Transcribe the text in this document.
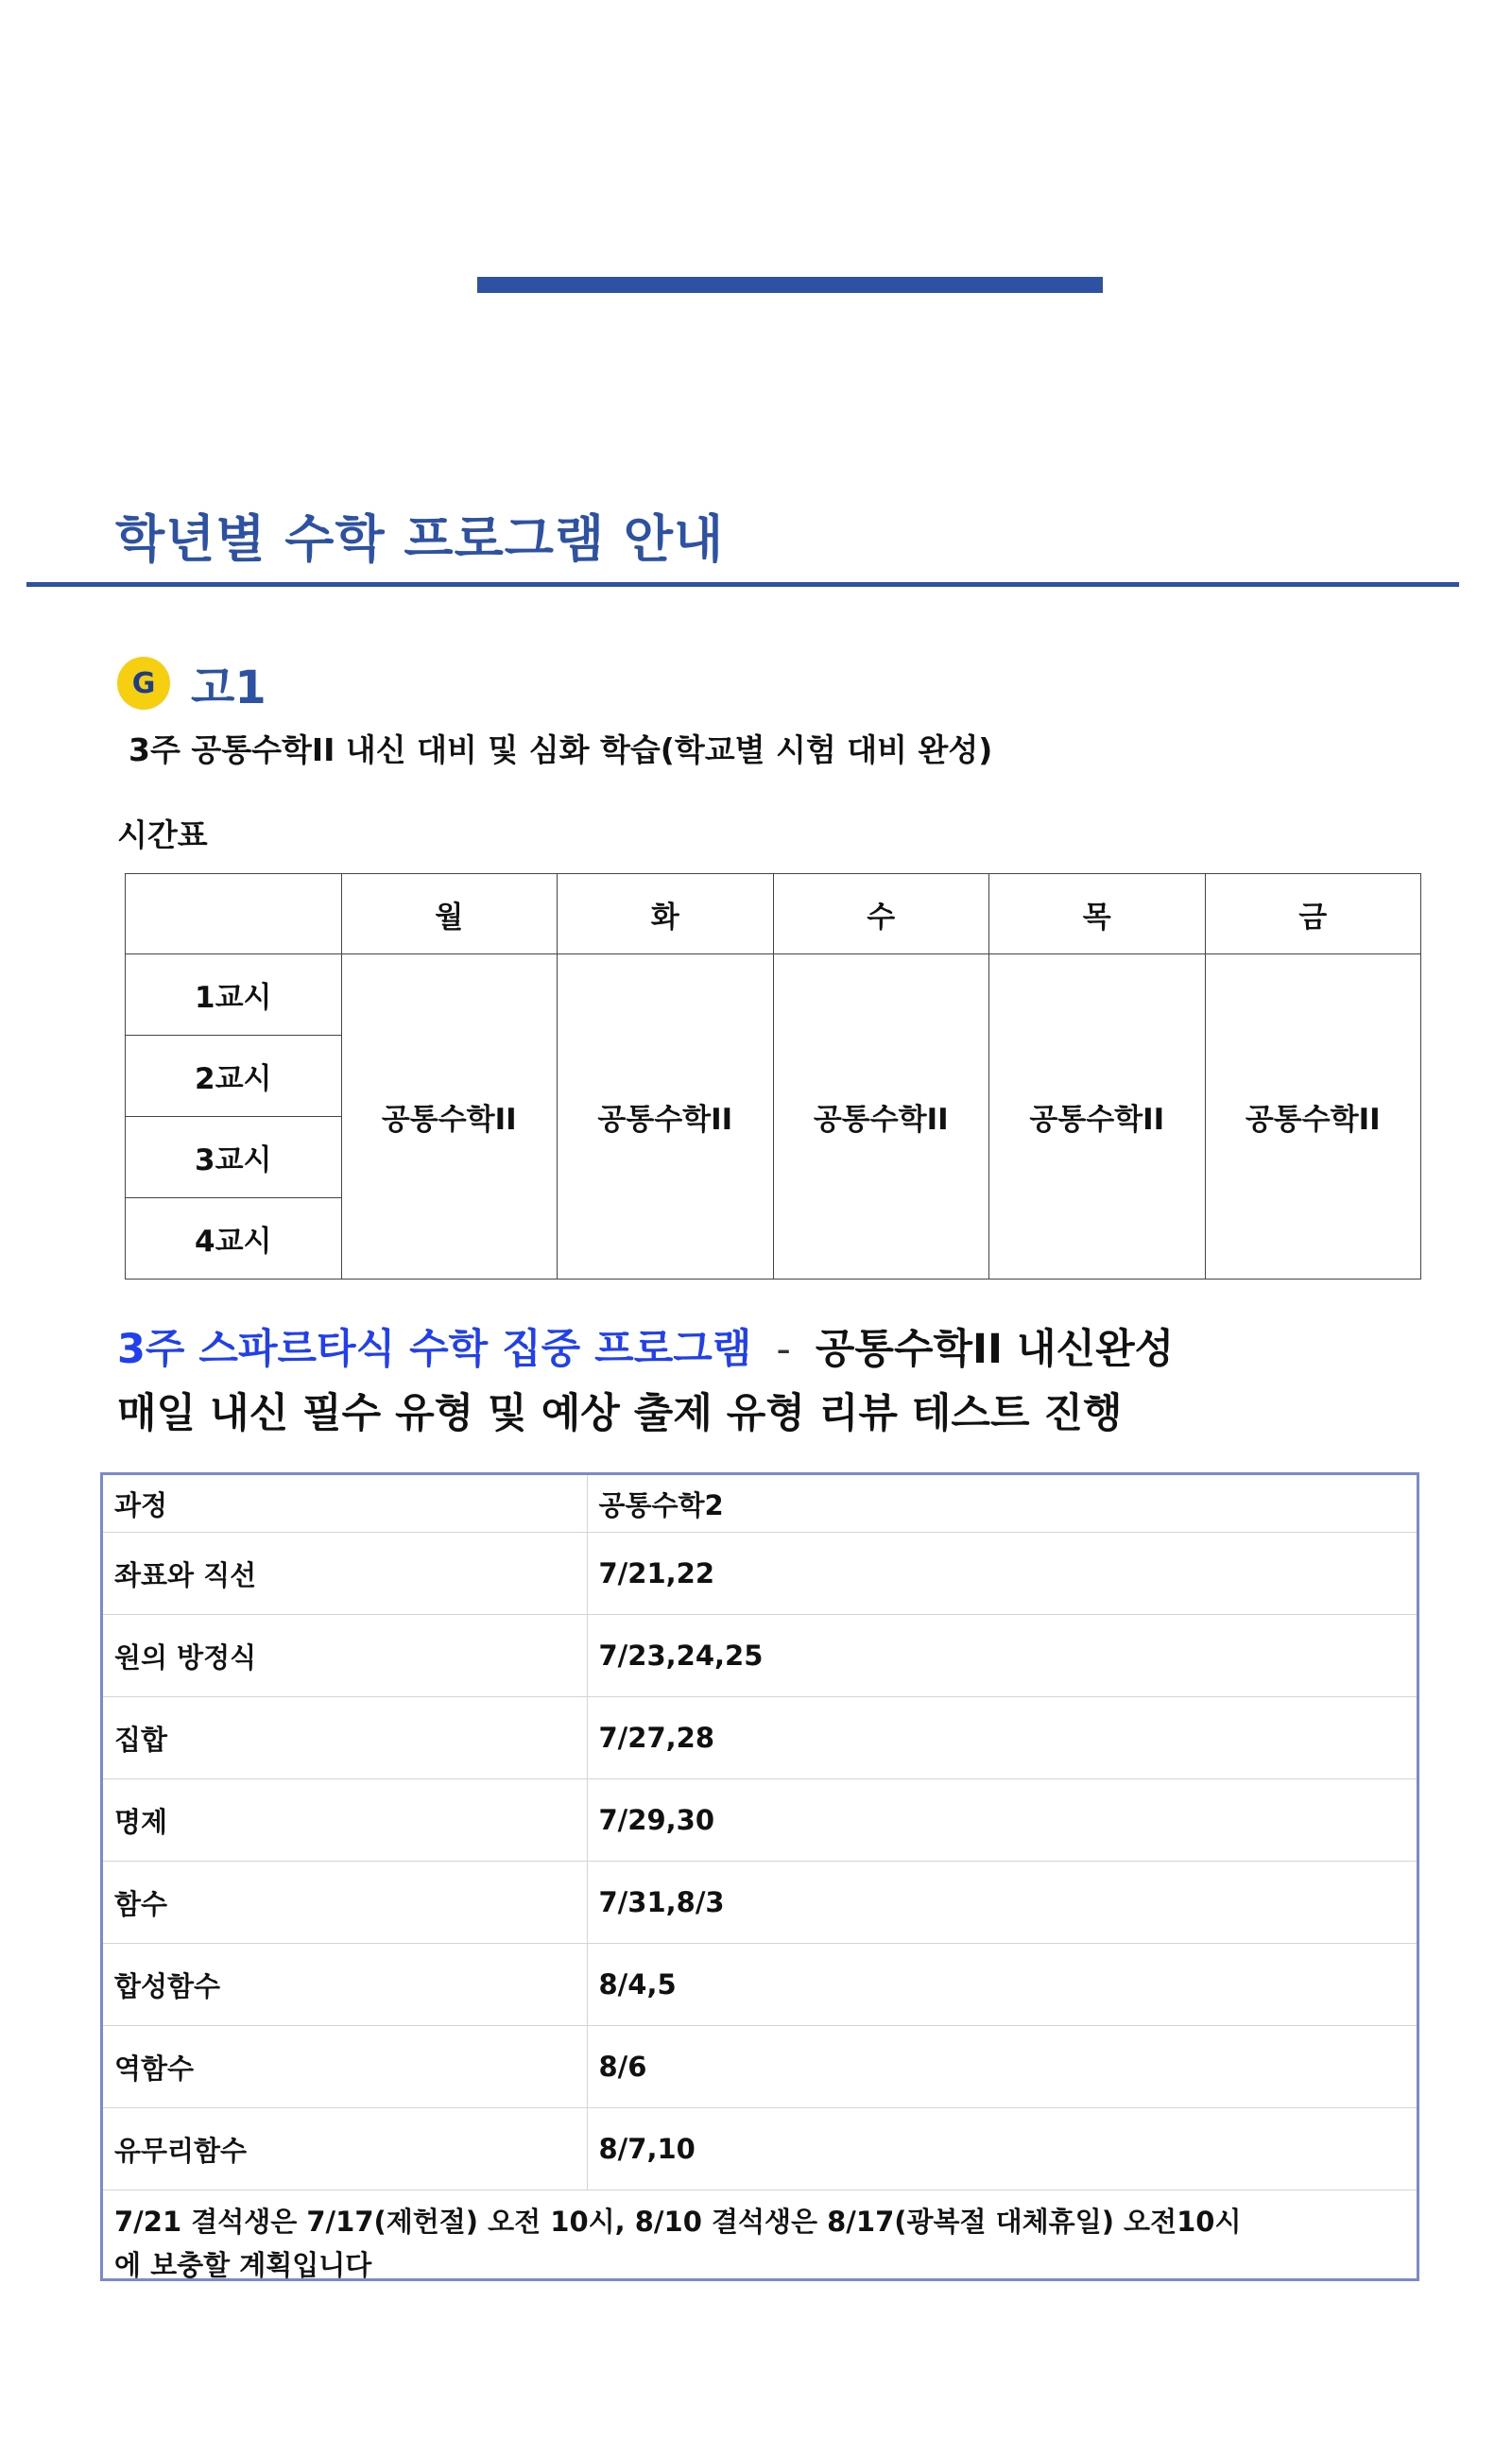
학년별 수학 프로그램 안내
G 고1
3주 공통수학II 내신 대비 및 심화 학습(학교별 시험 대비 완성)
시간표
	월	화	수	목	금
1교시	공통수학II	공통수학II	공통수학II	공통수학II	공통수학II
2교시					
3교시					
4교시					
3주 스파르타식 수학 집중 프로그램 - 공통수학II 내신완성
매일 내신 필수 유형 및 예상 출제 유형 리뷰 테스트 진행
과정	공통수학2
좌표와 직선	7/21,22
원의 방정식	7/23,24,25
집합	7/27,28
명제	7/29,30
함수	7/31,8/3
합성함수	8/4,5
역함수	8/6
유무리함수	8/7,10
7/21 결석생은 7/17(제헌절) 오전 10시, 8/10 결석생은 8/17(광복절 대체휴일) 오전10시
에 보충할 계획입니다
